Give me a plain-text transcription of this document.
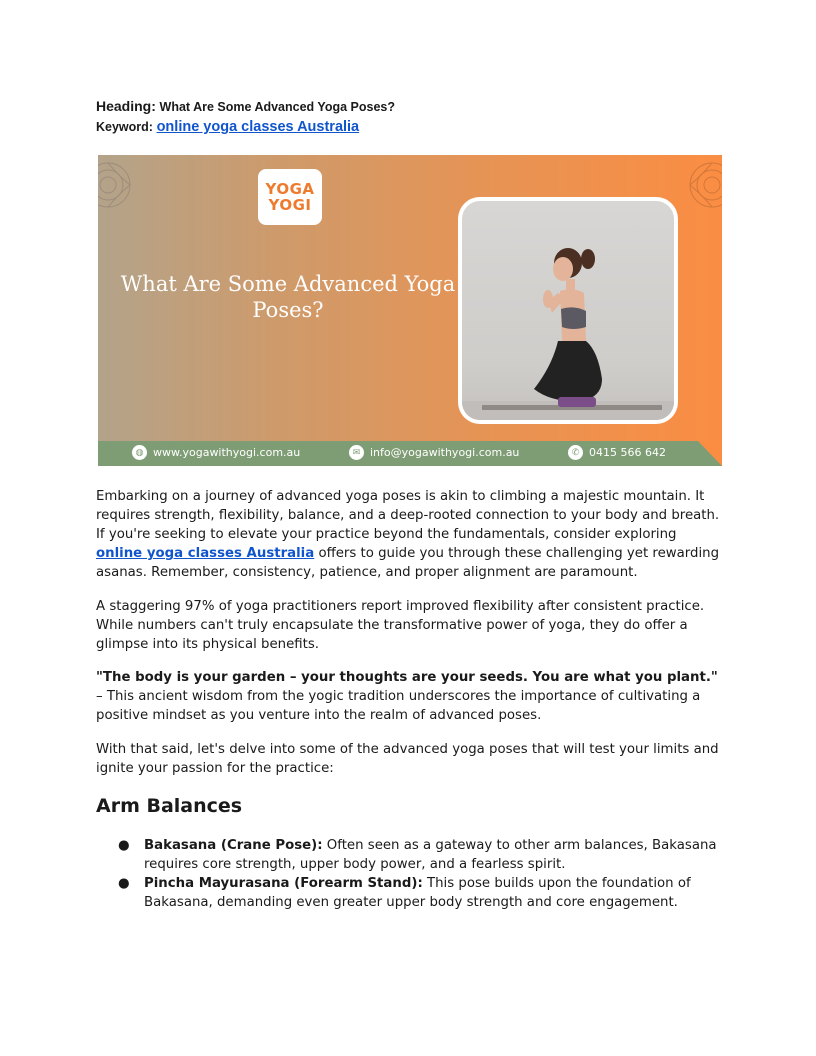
Heading: What Are Some Advanced Yoga Poses?
Keyword: online yoga classes Australia
YOGA
YOGI
What Are Some Advanced Yoga Poses?
◍ www.yogawithyogi.com.au	✉ info@yogawithyogi.com.au	✆ 0415 566 642

Embarking on a journey of advanced yoga poses is akin to climbing a majestic mountain. It requires strength, flexibility, balance, and a deep-rooted connection to your body and breath. If you're seeking to elevate your practice beyond the fundamentals, consider exploring online yoga classes Australia offers to guide you through these challenging yet rewarding asanas. Remember, consistency, patience, and proper alignment are paramount.

A staggering 97% of yoga practitioners report improved flexibility after consistent practice. While numbers can't truly encapsulate the transformative power of yoga, they do offer a glimpse into its physical benefits.

"The body is your garden – your thoughts are your seeds. You are what you plant." – This ancient wisdom from the yogic tradition underscores the importance of cultivating a positive mindset as you venture into the realm of advanced poses.

With that said, let's delve into some of the advanced yoga poses that will test your limits and ignite your passion for the practice:

Arm Balances
● Bakasana (Crane Pose): Often seen as a gateway to other arm balances, Bakasana requires core strength, upper body power, and a fearless spirit.
● Pincha Mayurasana (Forearm Stand): This pose builds upon the foundation of Bakasana, demanding even greater upper body strength and core engagement.
